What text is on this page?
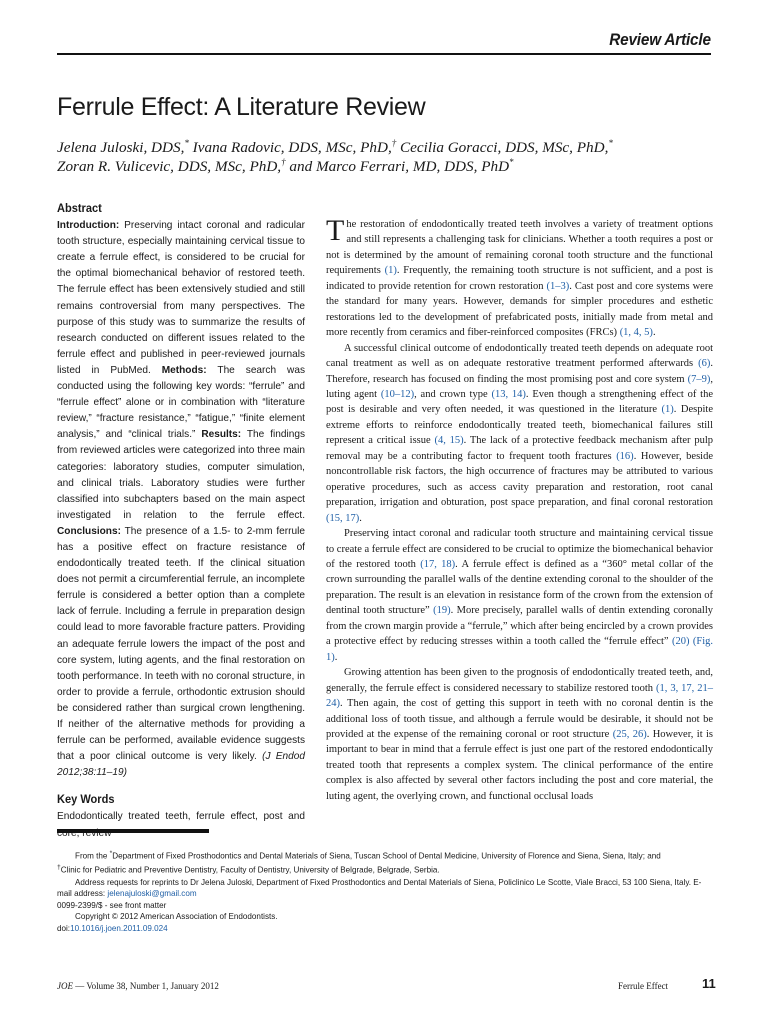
Review Article
Ferrule Effect: A Literature Review
Jelena Juloski, DDS,* Ivana Radovic, DDS, MSc, PhD,† Cecilia Goracci, DDS, MSc, PhD,*
Zoran R. Vulicevic, DDS, MSc, PhD,† and Marco Ferrari, MD, DDS, PhD*
Abstract

Introduction: Preserving intact coronal and radicular tooth structure, especially maintaining cervical tissue to create a ferrule effect, is considered to be crucial for the optimal biomechanical behavior of restored teeth. The ferrule effect has been extensively studied and still remains controversial from many perspectives. The purpose of this study was to summarize the results of research conducted on different issues related to the ferrule effect and published in peer-reviewed journals listed in PubMed. Methods: The search was conducted using the following key words: “ferrule” and “ferrule effect” alone or in combination with “literature review,” “fracture resistance,” “fatigue,” “finite element analysis,” and “clinical trials.” Results: The findings from reviewed articles were categorized into three main categories: laboratory studies, computer simulation, and clinical trials. Laboratory studies were further classified into subchapters based on the main aspect investigated in relation to the ferrule effect. Conclusions: The presence of a 1.5- to 2-mm ferrule has a positive effect on fracture resistance of endodontically treated teeth. If the clinical situation does not permit a circumferential ferrule, an incomplete ferrule is considered a better option than a complete lack of ferrule. Including a ferrule in preparation design could lead to more favorable fracture patters. Providing an adequate ferrule lowers the impact of the post and core system, luting agents, and the final restoration on tooth performance. In teeth with no coronal structure, in order to provide a ferrule, orthodontic extrusion should be considered rather than surgical crown lengthening. If neither of the alternative methods for providing a ferrule can be performed, available evidence suggests that a poor clinical outcome is very likely. (J Endod 2012;38:11–19)

Key Words

Endodontically treated teeth, ferrule effect, post and core, review

The restoration of endodontically treated teeth involves a variety of treatment options and still represents a challenging task for clinicians. Whether a tooth requires a post or not is determined by the amount of remaining coronal tooth structure and the functional requirements (1). Frequently, the remaining tooth structure is not sufficient, and a post is indicated to provide retention for crown restoration (1–3). Cast post and core systems were the standard for many years. However, demands for simpler procedures and esthetic restorations led to the development of prefabricated posts, initially made from metal and more recently from ceramics and fiber-reinforced composites (FRCs) (1, 4, 5).

A successful clinical outcome of endodontically treated teeth depends on adequate root canal treatment as well as on adequate restorative treatment performed afterwards (6). Therefore, research has focused on finding the most promising post and core system (7–9), luting agent (10–12), and crown type (13, 14). Even though a strengthening effect of the post is desirable and very often needed, it was questioned in the literature (1). Despite extreme efforts to reinforce endodontically treated teeth, biomechanical failures still represent a critical issue (4, 15). The lack of a protective feedback mechanism after pulp removal may be a contributing factor to frequent tooth fractures (16). However, beside noncontrollable risk factors, the high occurrence of fractures may be attributed to various operative procedures, such as access cavity preparation and restoration, root canal preparation, irrigation and obturation, post space preparation, and final coronal restoration (15, 17).

Preserving intact coronal and radicular tooth structure and maintaining cervical tissue to create a ferrule effect are considered to be crucial to optimize the biomechanical behavior of the restored tooth (17, 18). A ferrule effect is defined as a “360° metal collar of the crown surrounding the parallel walls of the dentine extending coronal to the shoulder of the preparation. The result is an elevation in resistance form of the crown from the extension of dentinal tooth structure” (19). More precisely, parallel walls of dentin extending coronally from the crown margin provide a “ferrule,” which after being encircled by a crown provides a protective effect by reducing stresses within a tooth called the “ferrule effect” (20) (Fig. 1).

Growing attention has been given to the prognosis of endodontically treated teeth, and, generally, the ferrule effect is considered necessary to stabilize restored tooth (1, 3, 17, 21–24). Then again, the cost of getting this support in teeth with no coronal dentin is the additional loss of tooth tissue, and although a ferrule would be desirable, it should not be provided at the expense of the remaining coronal or root structure (25, 26). However, it is important to bear in mind that a ferrule effect is just one part of the restored endodontically treated tooth that represents a complex system. The clinical performance of the entire complex is also affected by several other factors including the post and core material, the luting agent, the overlying crown, and functional occlusal loads

From the *Department of Fixed Prosthodontics and Dental Materials of Siena, Tuscan School of Dental Medicine, University of Florence and Siena, Siena, Italy; and

†Clinic for Pediatric and Preventive Dentistry, Faculty of Dentistry, University of Belgrade, Belgrade, Serbia.

Address requests for reprints to Dr Jelena Juloski, Department of Fixed Prosthodontics and Dental Materials of Siena, Policlinico Le Scotte, Viale Bracci, 53 100 Siena, Italy. E-mail address: jelenajuloski@gmail.com

0099-2399/$ - see front matter

Copyright © 2012 American Association of Endodontists.

doi:10.1016/j.joen.2011.09.024

JOE — Volume 38, Number 1, January 2012	Ferrule Effect	11
